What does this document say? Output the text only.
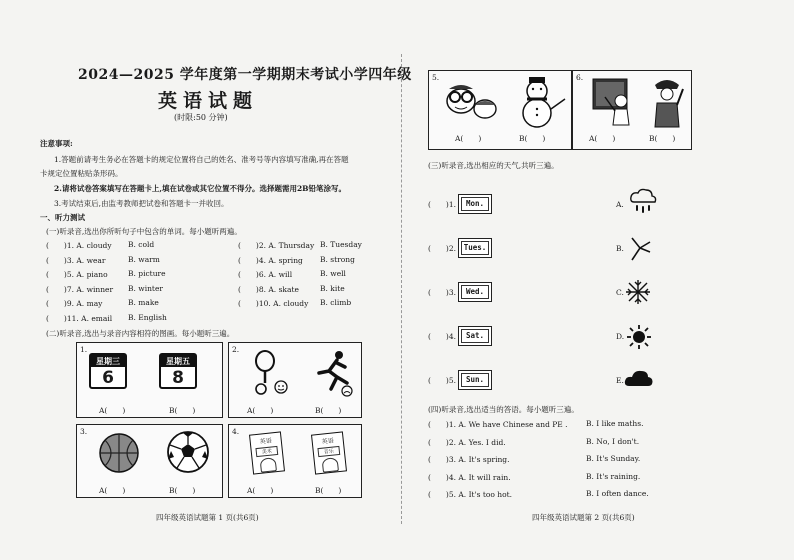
2024—2025 学年度第一学期期末考试小学四年级
英语试题
(时限:50 分钟)
注意事项:
1.答题前请考生务必在答题卡的规定位置将自己的姓名、准考号等内容填写准确,再在答题
卡规定位置粘贴条形码。
2.请将试卷答案填写在答题卡上,填在试卷或其它位置不得分。选择题需用2B铅笔涂写。
3.考试结束后,由监考教师把试卷和答题卡一并收回。
一、听力测试
(一)听录音,选出你所听句子中包含的单词。每小题听两遍。
(　　)1. A. cloudy B. cold	(　　)2. A. Thursday B. Tuesday
(　　)3. A. wear	B. warm	(　　)4. A. spring B. strong
(　　)5. A. piano	B. picture	(　　)6. A. will	B. well
(　　)7. A. winner B. winter	(　　)8. A. skate	B. kite
(　　)9. A. may	B. make	(　　)10. A. cloudy B. climb
(　　)11. A. email B. English
(二)听录音,选出与录音内容相符的图画。每小题听三遍。
1.
星期三
6
星期五
8
A(　　)	B(　　)
2.
A(　　)	B(　　)
3.
A(　　)	B(　　)
4.
英语
美术
英语
音乐
A(　　)	B(　　)
四年级英语试题第 1 页(共6页)
5.
A(　　)	B(　　)
6.
A(　　)	B(　　)
(三)听录音,选出相应的天气,共听三遍。
(　　)1.	Mon.	A.
(　　)2.	Tues.	B.
(　　)3.	Wed.	C.
(　　)4.	Sat.	D.
(　　)5.	Sun.	E.
(四)听录音,选出适当的答语。每小题听三遍。
(　　)1. A. We have Chinese and PE . B. I like maths.
(　　)2. A. Yes. I did.	B. No, I don't.
(　　)3. A. It's spring.	B. It's Sunday.
(　　)4. A. It will rain.	B. It's raining.
(　　)5. A. It's too hot.	B. I often dance.
四年级英语试题第 2 页(共6页)
